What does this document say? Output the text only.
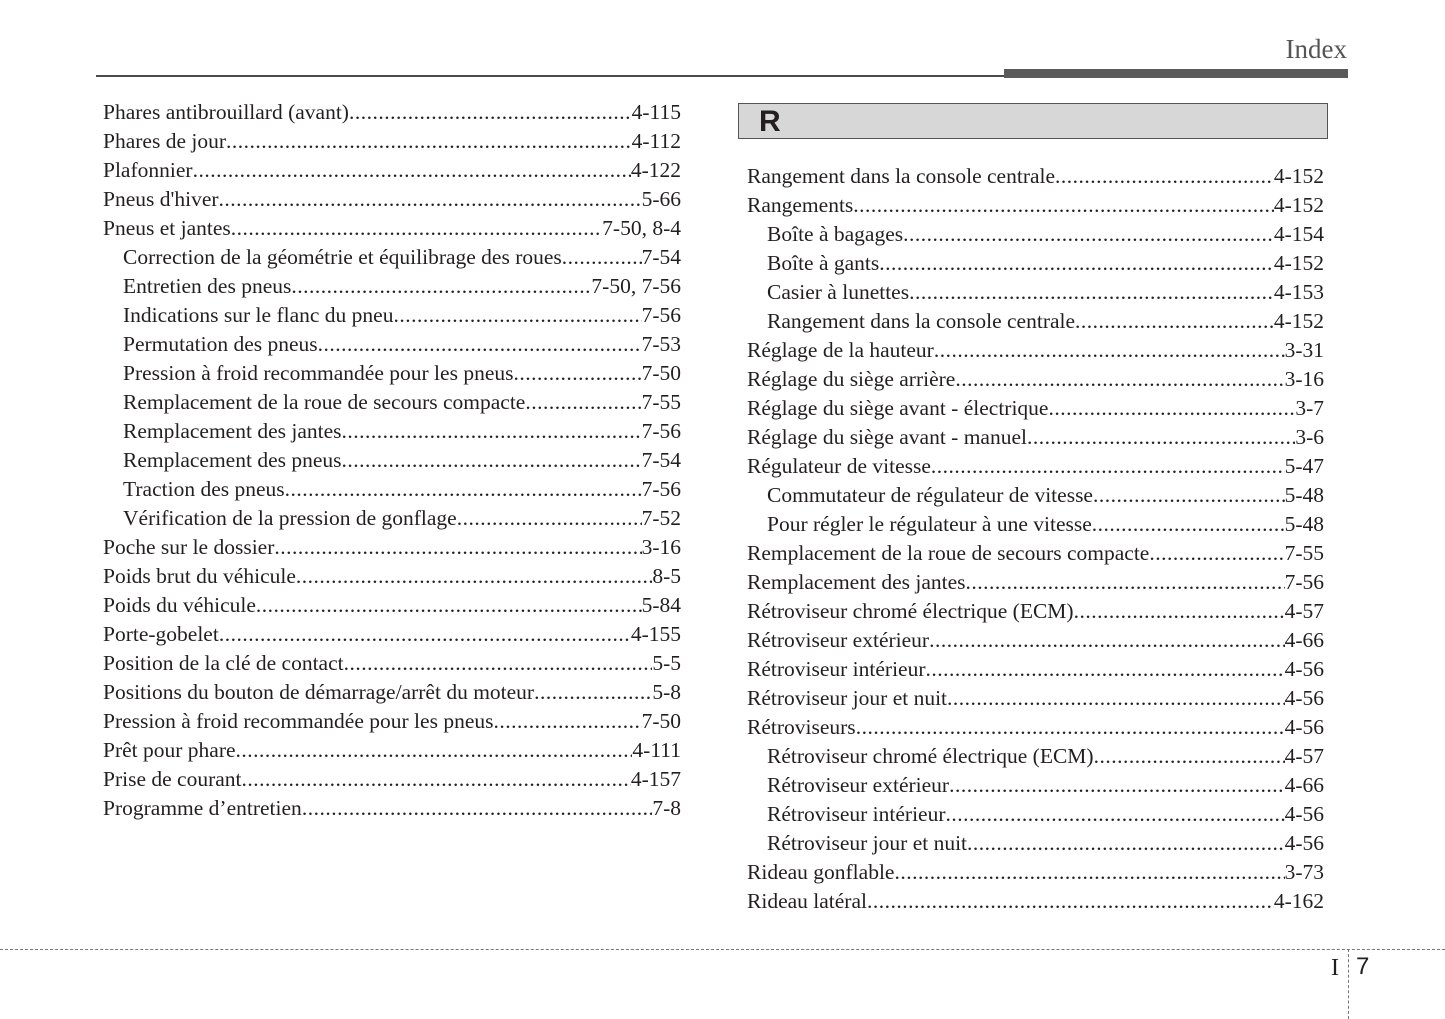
Index
Phares antibrouillard (avant) .....	4-115
Phares de jour .....	4-112
Plafonnier .....	4-122
Pneus d'hiver .....	5-66
Pneus et jantes .....	7-50, 8-4
Correction de la géométrie et équilibrage des roues .....	7-54
Entretien des pneus .....	7-50, 7-56
Indications sur le flanc du pneu .....	7-56
Permutation des pneus .....	7-53
Pression à froid recommandée pour les pneus .....	7-50
Remplacement de la roue de secours compacte .....	7-55
Remplacement des jantes .....	7-56
Remplacement des pneus .....	7-54
Traction des pneus .....	7-56
Vérification de la pression de gonflage .....	7-52
Poche sur le dossier .....	3-16
Poids brut du véhicule .....	8-5
Poids du véhicule .....	5-84
Porte-gobelet .....	4-155
Position de la clé de contact .....	5-5
Positions du bouton de démarrage/arrêt du moteur .....	5-8
Pression à froid recommandée pour les pneus .....	7-50
Prêt pour phare .....	4-111
Prise de courant .....	4-157
Programme d’entretien .....	7-8
R
Rangement dans la console centrale .....	4-152
Rangements .....	4-152
Boîte à bagages .....	4-154
Boîte à gants .....	4-152
Casier à lunettes .....	4-153
Rangement dans la console centrale .....	4-152
Réglage de la hauteur .....	3-31
Réglage du siège arrière .....	3-16
Réglage du siège avant - électrique .....	3-7
Réglage du siège avant - manuel .....	3-6
Régulateur de vitesse .....	5-47
Commutateur de régulateur de vitesse .....	5-48
Pour régler le régulateur à une vitesse .....	5-48
Remplacement de la roue de secours compacte .....	7-55
Remplacement des jantes .....	7-56
Rétroviseur chromé électrique (ECM) .....	4-57
Rétroviseur extérieur .....	4-66
Rétroviseur intérieur .....	4-56
Rétroviseur jour et nuit .....	4-56
Rétroviseurs .....	4-56
Rétroviseur chromé électrique (ECM) .....	4-57
Rétroviseur extérieur .....	4-66
Rétroviseur intérieur .....	4-56
Rétroviseur jour et nuit .....	4-56
Rideau gonflable .....	3-73
Rideau latéral .....	4-162
I 7
